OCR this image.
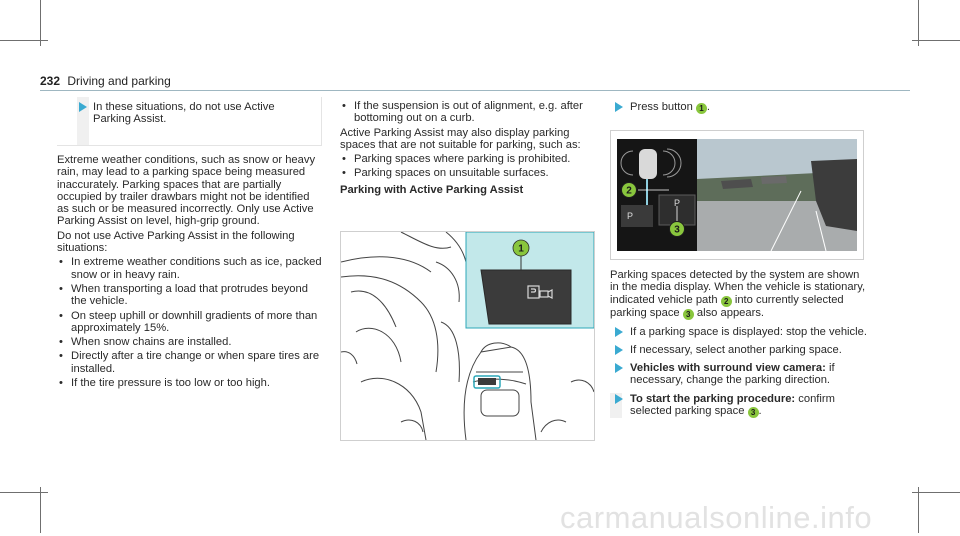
232 Driving and parking
In these situations, do not use Active Parking Assist.

Extreme weather conditions, such as snow or heavy rain, may lead to a parking space being measured inaccurately. Parking spaces that are partially occupied by trailer drawbars might not be identified as such or be measured incorrectly. Only use Active Parking Assist on level, high-grip ground.

Do not use Active Parking Assist in the following situations:

• In extreme weather conditions such as ice, packed snow or in heavy rain.
• When transporting a load that protrudes beyond the vehicle.
• On steep uphill or downhill gradients of more than approximately 15%.
• When snow chains are installed.
• Directly after a tire change or when spare tires are installed.
• If the tire pressure is too low or too high.
• If the suspension is out of alignment, e.g. after bottoming out on a curb.

Active Parking Assist may also display parking spaces that are not suitable for parking, such as:

• Parking spaces where parking is prohibited.
• Parking spaces on unsuitable surfaces.
Parking with Active Parking Assist
1
Press button 1 .
P
P
2
3

Parking spaces detected by the system are shown in the media display. When the vehicle is stationary, indicated vehicle path 2 into currently selected parking space 3 also appears.

If a parking space is displayed: stop the vehicle.
If necessary, select another parking space.
Vehicles with surround view camera: if necessary, change the parking direction.
To start the parking procedure: confirm selected parking space 3 .
carmanualsonline.info
